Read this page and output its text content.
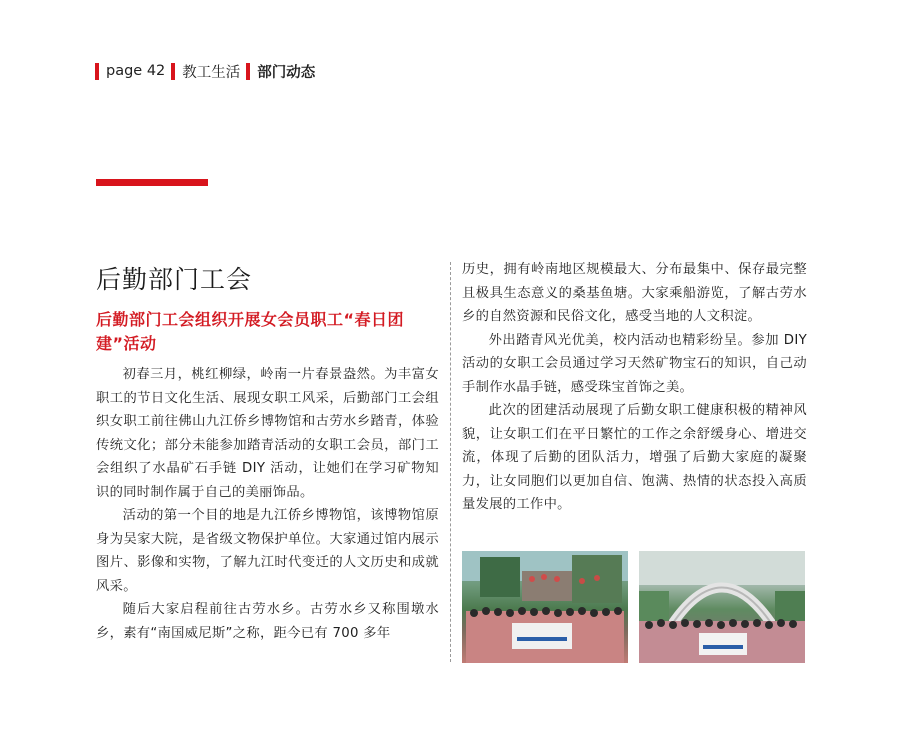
page 42 教工生活 部门动态
后勤部门工会
后勤部门工会组织开展女会员职工“春日团建”活动

初春三月，桃红柳绿，岭南一片春景盎然。为丰富女职工的节日文化生活、展现女职工风采，后勤部门工会组织女职工前往佛山九江侨乡博物馆和古劳水乡踏青，体验传统文化；部分未能参加踏青活动的女职工会员，部门工会组织了水晶矿石手链 DIY 活动，让她们在学习矿物知识的同时制作属于自己的美丽饰品。

活动的第一个目的地是九江侨乡博物馆，该博物馆原身为吴家大院，是省级文物保护单位。大家通过馆内展示图片、影像和实物，了解九江时代变迁的人文历史和成就风采。

随后大家启程前往古劳水乡。古劳水乡又称围墩水乡，素有“南国威尼斯”之称，距今已有 700 多年

历史，拥有岭南地区规模最大、分布最集中、保存最完整且极具生态意义的桑基鱼塘。大家乘船游览，了解古劳水乡的自然资源和民俗文化，感受当地的人文积淀。

外出踏青风光优美，校内活动也精彩纷呈。参加 DIY 活动的女职工会员通过学习天然矿物宝石的知识，自己动手制作水晶手链，感受珠宝首饰之美。

此次的团建活动展现了后勤女职工健康积极的精神风貌，让女职工们在平日繁忙的工作之余舒缓身心、增进交流，体现了后勤的团队活力，增强了后勤大家庭的凝聚力，让女同胞们以更加自信、饱满、热情的状态投入高质量发展的工作中。
